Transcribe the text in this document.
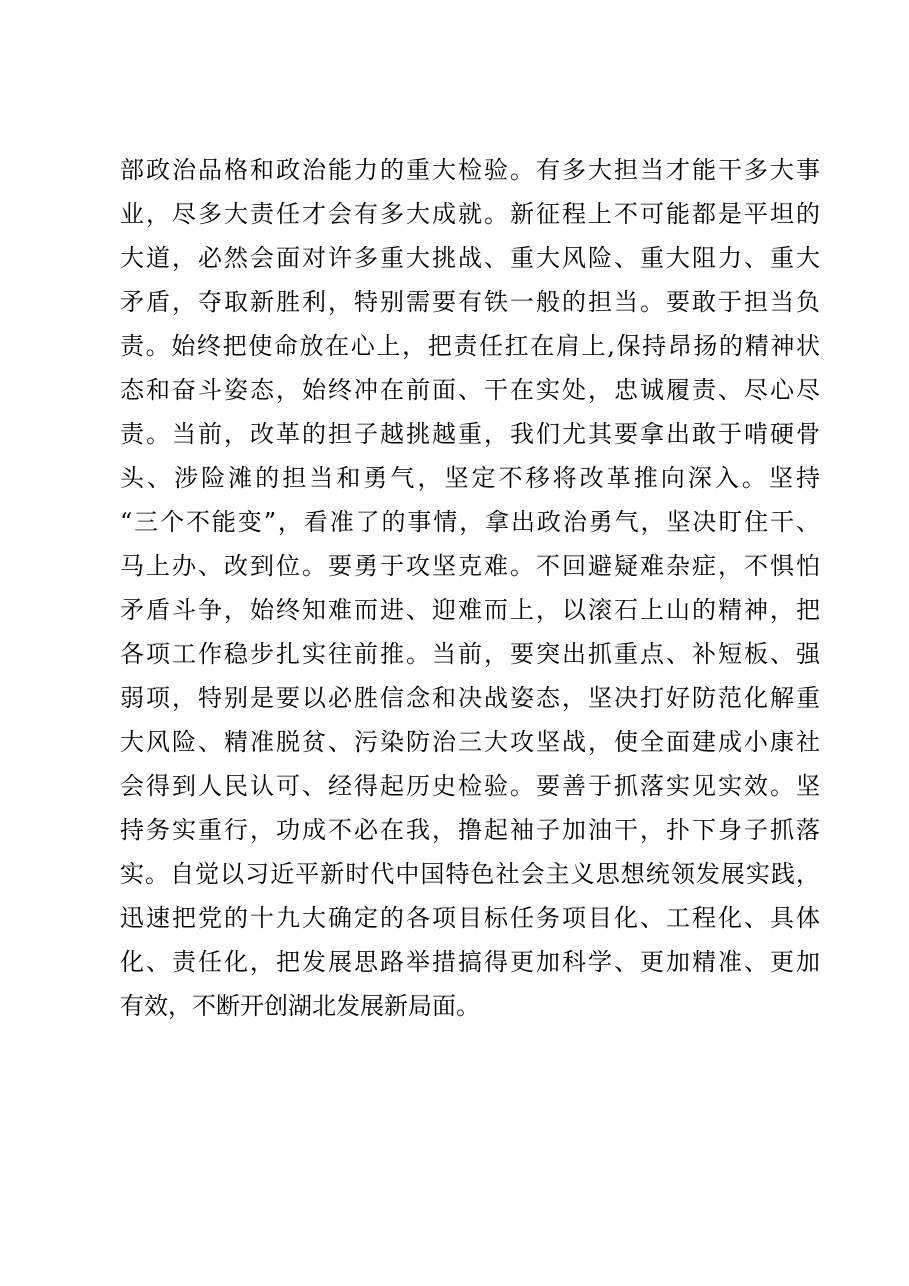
部政治品格和政治能力的重大检验。有多大担当才能干多大事
业，尽多大责任才会有多大成就。新征程上不可能都是平坦的
大道，必然会面对许多重大挑战、重大风险、重大阻力、重大
矛盾，夺取新胜利，特别需要有铁一般的担当。要敢于担当负
责。始终把使命放在心上，把责任扛在肩上,保持昂扬的精神状
态和奋斗姿态，始终冲在前面、干在实处，忠诚履责、尽心尽
责。当前，改革的担子越挑越重，我们尤其要拿出敢于啃硬骨
头、涉险滩的担当和勇气，坚定不移将改革推向深入。坚持
“三个不能变”，看准了的事情，拿出政治勇气，坚决盯住干、
马上办、改到位。要勇于攻坚克难。不回避疑难杂症，不惧怕
矛盾斗争，始终知难而进、迎难而上，以滚石上山的精神，把
各项工作稳步扎实往前推。当前，要突出抓重点、补短板、强
弱项，特别是要以必胜信念和决战姿态，坚决打好防范化解重
大风险、精准脱贫、污染防治三大攻坚战，使全面建成小康社
会得到人民认可、经得起历史检验。要善于抓落实见实效。坚
持务实重行，功成不必在我，撸起袖子加油干，扑下身子抓落
实。自觉以习近平新时代中国特色社会主义思想统领发展实践，
迅速把党的十九大确定的各项目标任务项目化、工程化、具体
化、责任化，把发展思路举措搞得更加科学、更加精准、更加
有效，不断开创湖北发展新局面。
